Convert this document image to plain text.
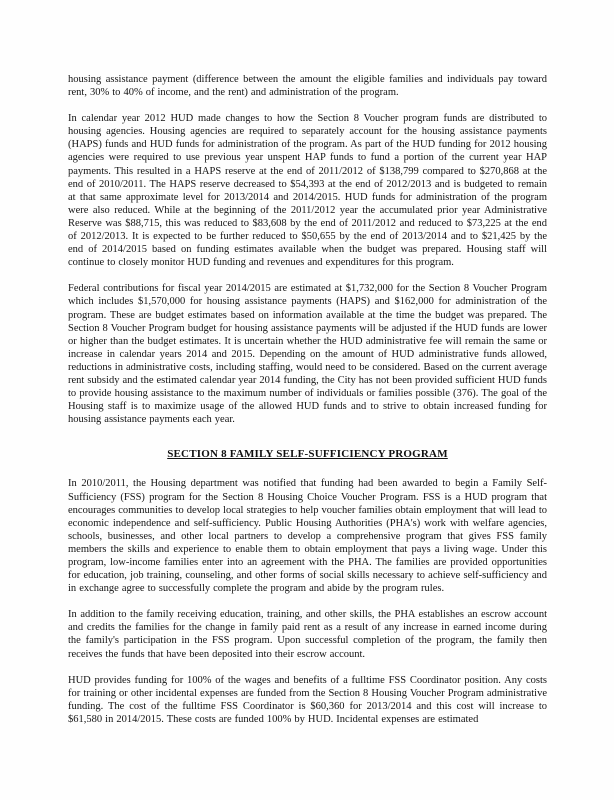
housing assistance payment (difference between the amount the eligible families and individuals pay toward rent, 30% to 40% of income, and the rent) and administration of the program.

In calendar year 2012 HUD made changes to how the Section 8 Voucher program funds are distributed to housing agencies. Housing agencies are required to separately account for the housing assistance payments (HAPS) funds and HUD funds for administration of the program. As part of the HUD funding for 2012 housing agencies were required to use previous year unspent HAP funds to fund a portion of the current year HAP payments. This resulted in a HAPS reserve at the end of 2011/2012 of $138,799 compared to $270,868 at the end of 2010/2011. The HAPS reserve decreased to $54,393 at the end of 2012/2013 and is budgeted to remain at that same approximate level for 2013/2014 and 2014/2015. HUD funds for administration of the program were also reduced. While at the beginning of the 2011/2012 year the accumulated prior year Administrative Reserve was $88,715, this was reduced to $83,608 by the end of 2011/2012 and reduced to $73,225 at the end of 2012/2013. It is expected to be further reduced to $50,655 by the end of 2013/2014 and to $21,425 by the end of 2014/2015 based on funding estimates available when the budget was prepared. Housing staff will continue to closely monitor HUD funding and revenues and expenditures for this program.

Federal contributions for fiscal year 2014/2015 are estimated at $1,732,000 for the Section 8 Voucher Program which includes $1,570,000 for housing assistance payments (HAPS) and $162,000 for administration of the program. These are budget estimates based on information available at the time the budget was prepared. The Section 8 Voucher Program budget for housing assistance payments will be adjusted if the HUD funds are lower or higher than the budget estimates. It is uncertain whether the HUD administrative fee will remain the same or increase in calendar years 2014 and 2015. Depending on the amount of HUD administrative funds allowed, reductions in administrative costs, including staffing, would need to be considered. Based on the current average rent subsidy and the estimated calendar year 2014 funding, the City has not been provided sufficient HUD funds to provide housing assistance to the maximum number of individuals or families possible (376). The goal of the Housing staff is to maximize usage of the allowed HUD funds and to strive to obtain increased funding for housing assistance payments each year.

SECTION 8 FAMILY SELF-SUFFICIENCY PROGRAM

In 2010/2011, the Housing department was notified that funding had been awarded to begin a Family Self-Sufficiency (FSS) program for the Section 8 Housing Choice Voucher Program. FSS is a HUD program that encourages communities to develop local strategies to help voucher families obtain employment that will lead to economic independence and self-sufficiency. Public Housing Authorities (PHA's) work with welfare agencies, schools, businesses, and other local partners to develop a comprehensive program that gives FSS family members the skills and experience to enable them to obtain employment that pays a living wage. Under this program, low-income families enter into an agreement with the PHA. The families are provided opportunities for education, job training, counseling, and other forms of social skills necessary to achieve self-sufficiency and in exchange agree to successfully complete the program and abide by the program rules.

In addition to the family receiving education, training, and other skills, the PHA establishes an escrow account and credits the families for the change in family paid rent as a result of any increase in earned income during the family's participation in the FSS program. Upon successful completion of the program, the family then receives the funds that have been deposited into their escrow account.

HUD provides funding for 100% of the wages and benefits of a fulltime FSS Coordinator position. Any costs for training or other incidental expenses are funded from the Section 8 Housing Voucher Program administrative funding. The cost of the fulltime FSS Coordinator is $60,360 for 2013/2014 and this cost will increase to $61,580 in 2014/2015. These costs are funded 100% by HUD. Incidental expenses are estimated
